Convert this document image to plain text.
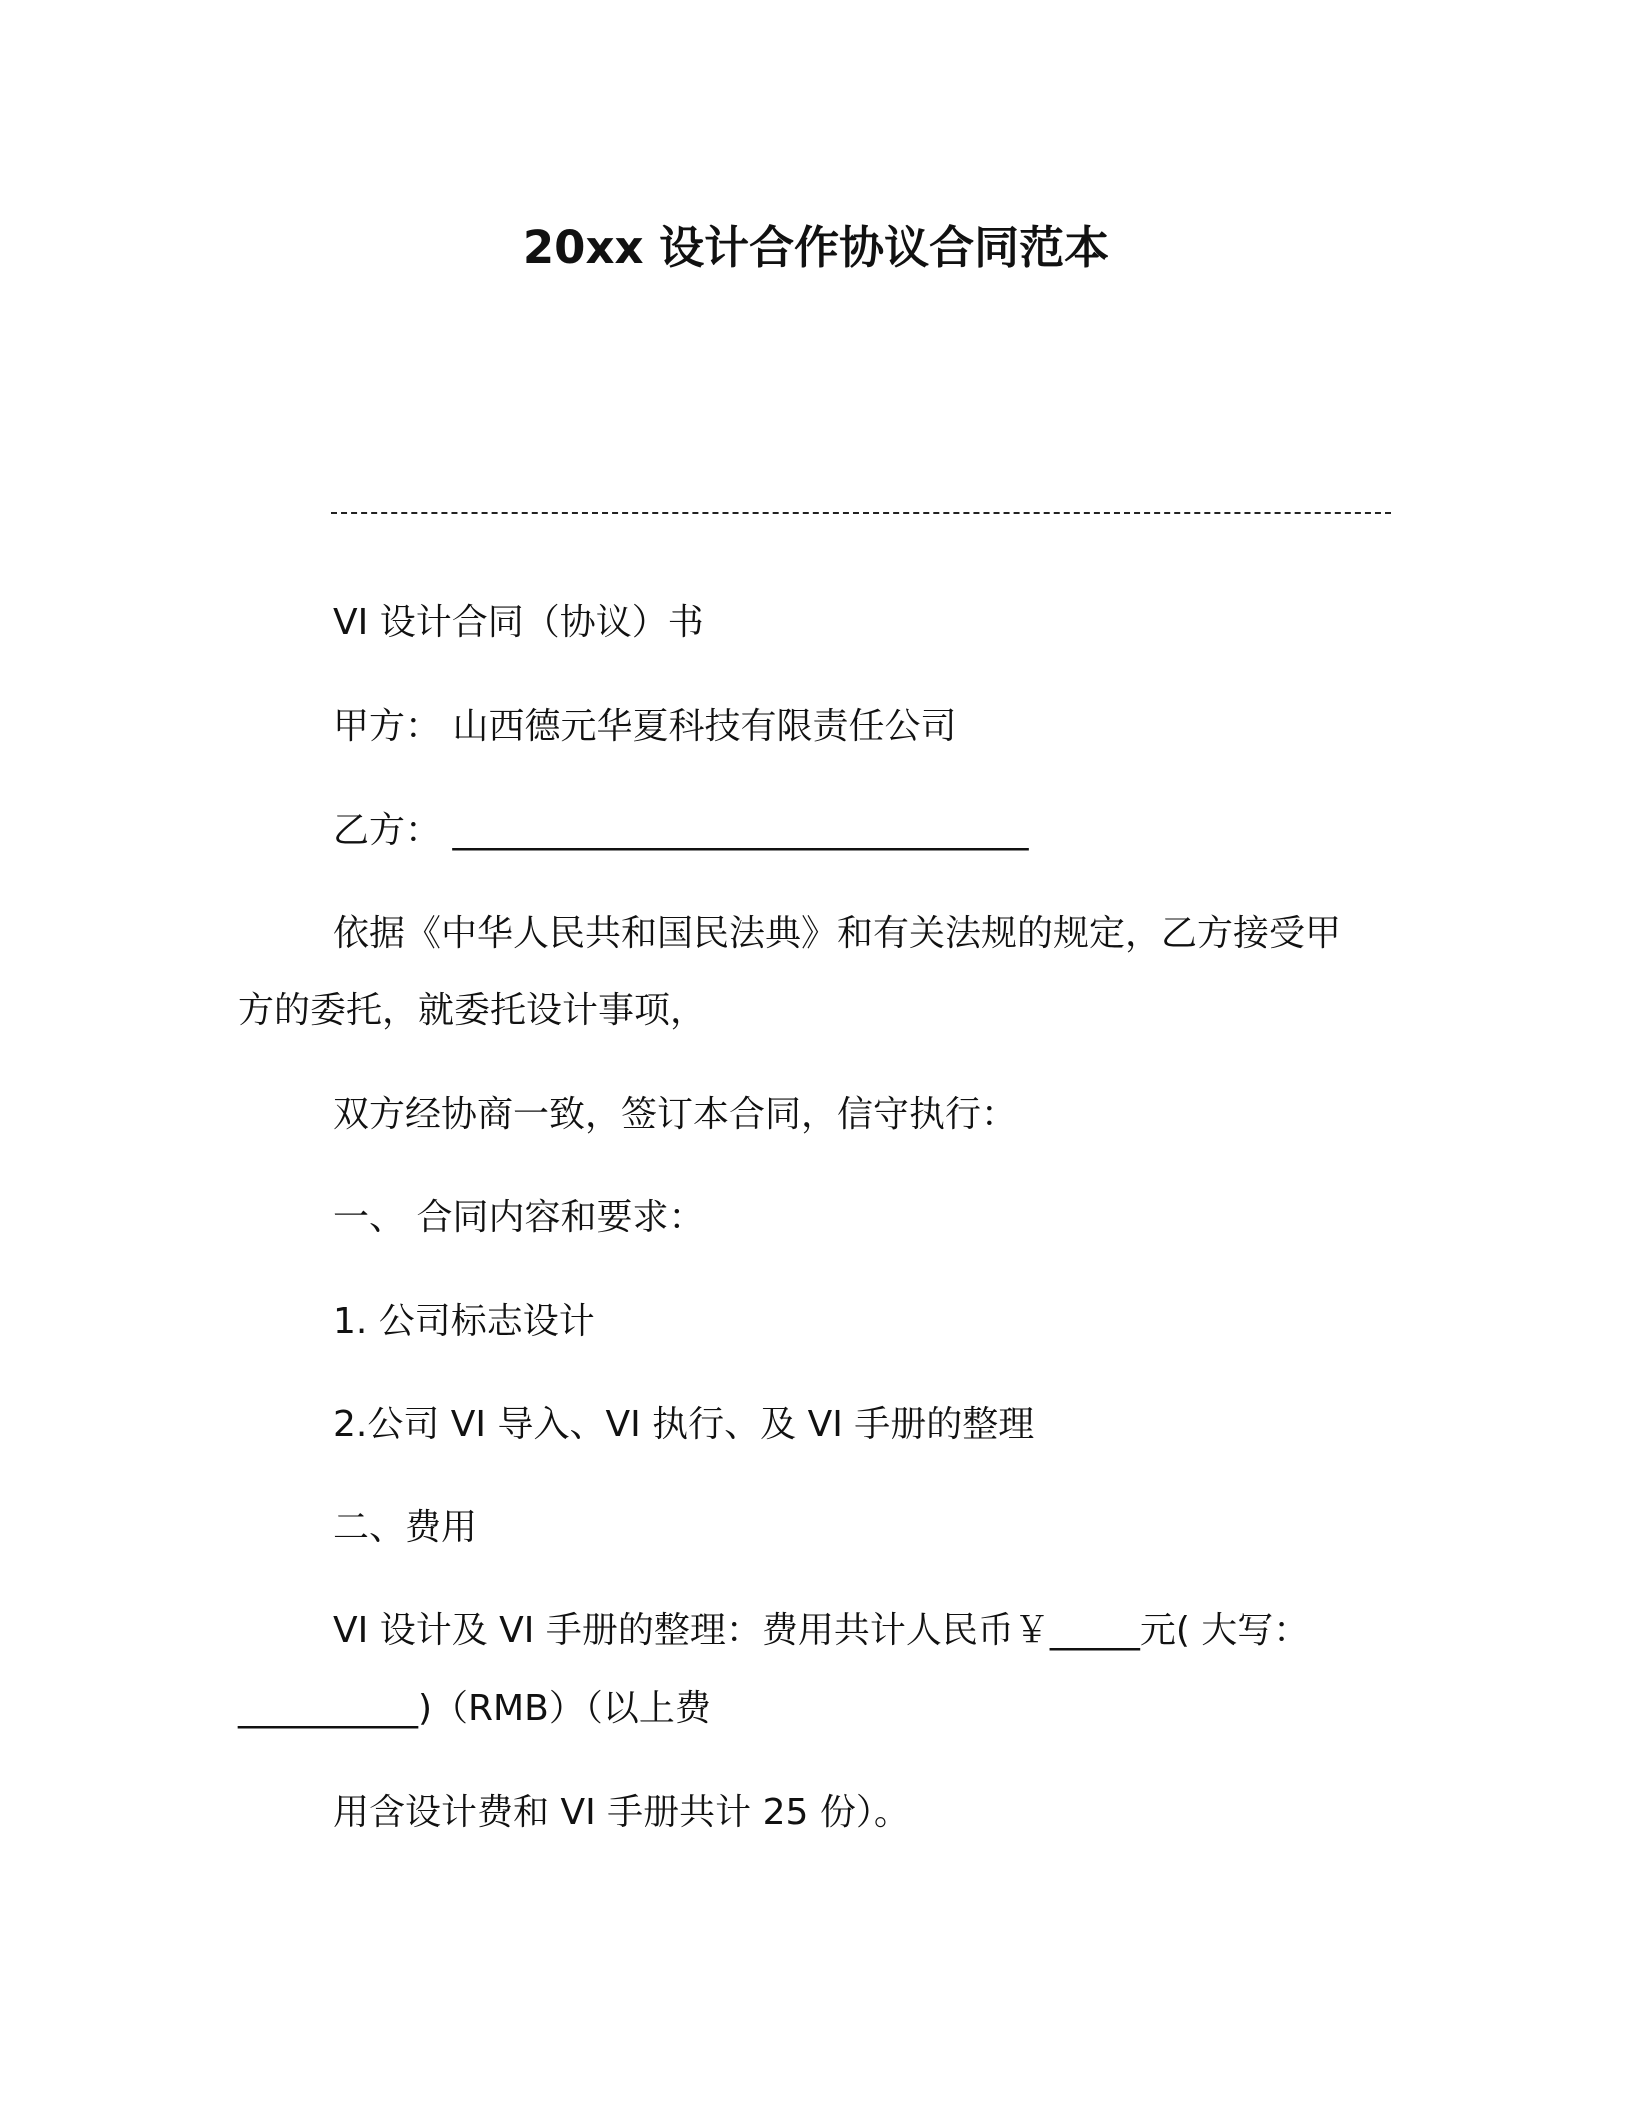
20xx 设计合作协议合同范本
VI 设计合同（协议）书
甲方： 山西德元华夏科技有限责任公司
乙方： ________________________________
依据《中华人民共和国民法典》和有关法规的规定，乙方接受甲
方的委托，就委托设计事项，
双方经协商一致，签订本合同，信守执行：
一、 合同内容和要求：
1. 公司标志设计
2.公司 VI 导入、VI 执行、及 VI 手册的整理
二、费用
VI 设计及 VI 手册的整理：费用共计人民币￥_____元( 大写：
__________)（RMB）（以上费
用含设计费和 VI 手册共计 25 份）。
